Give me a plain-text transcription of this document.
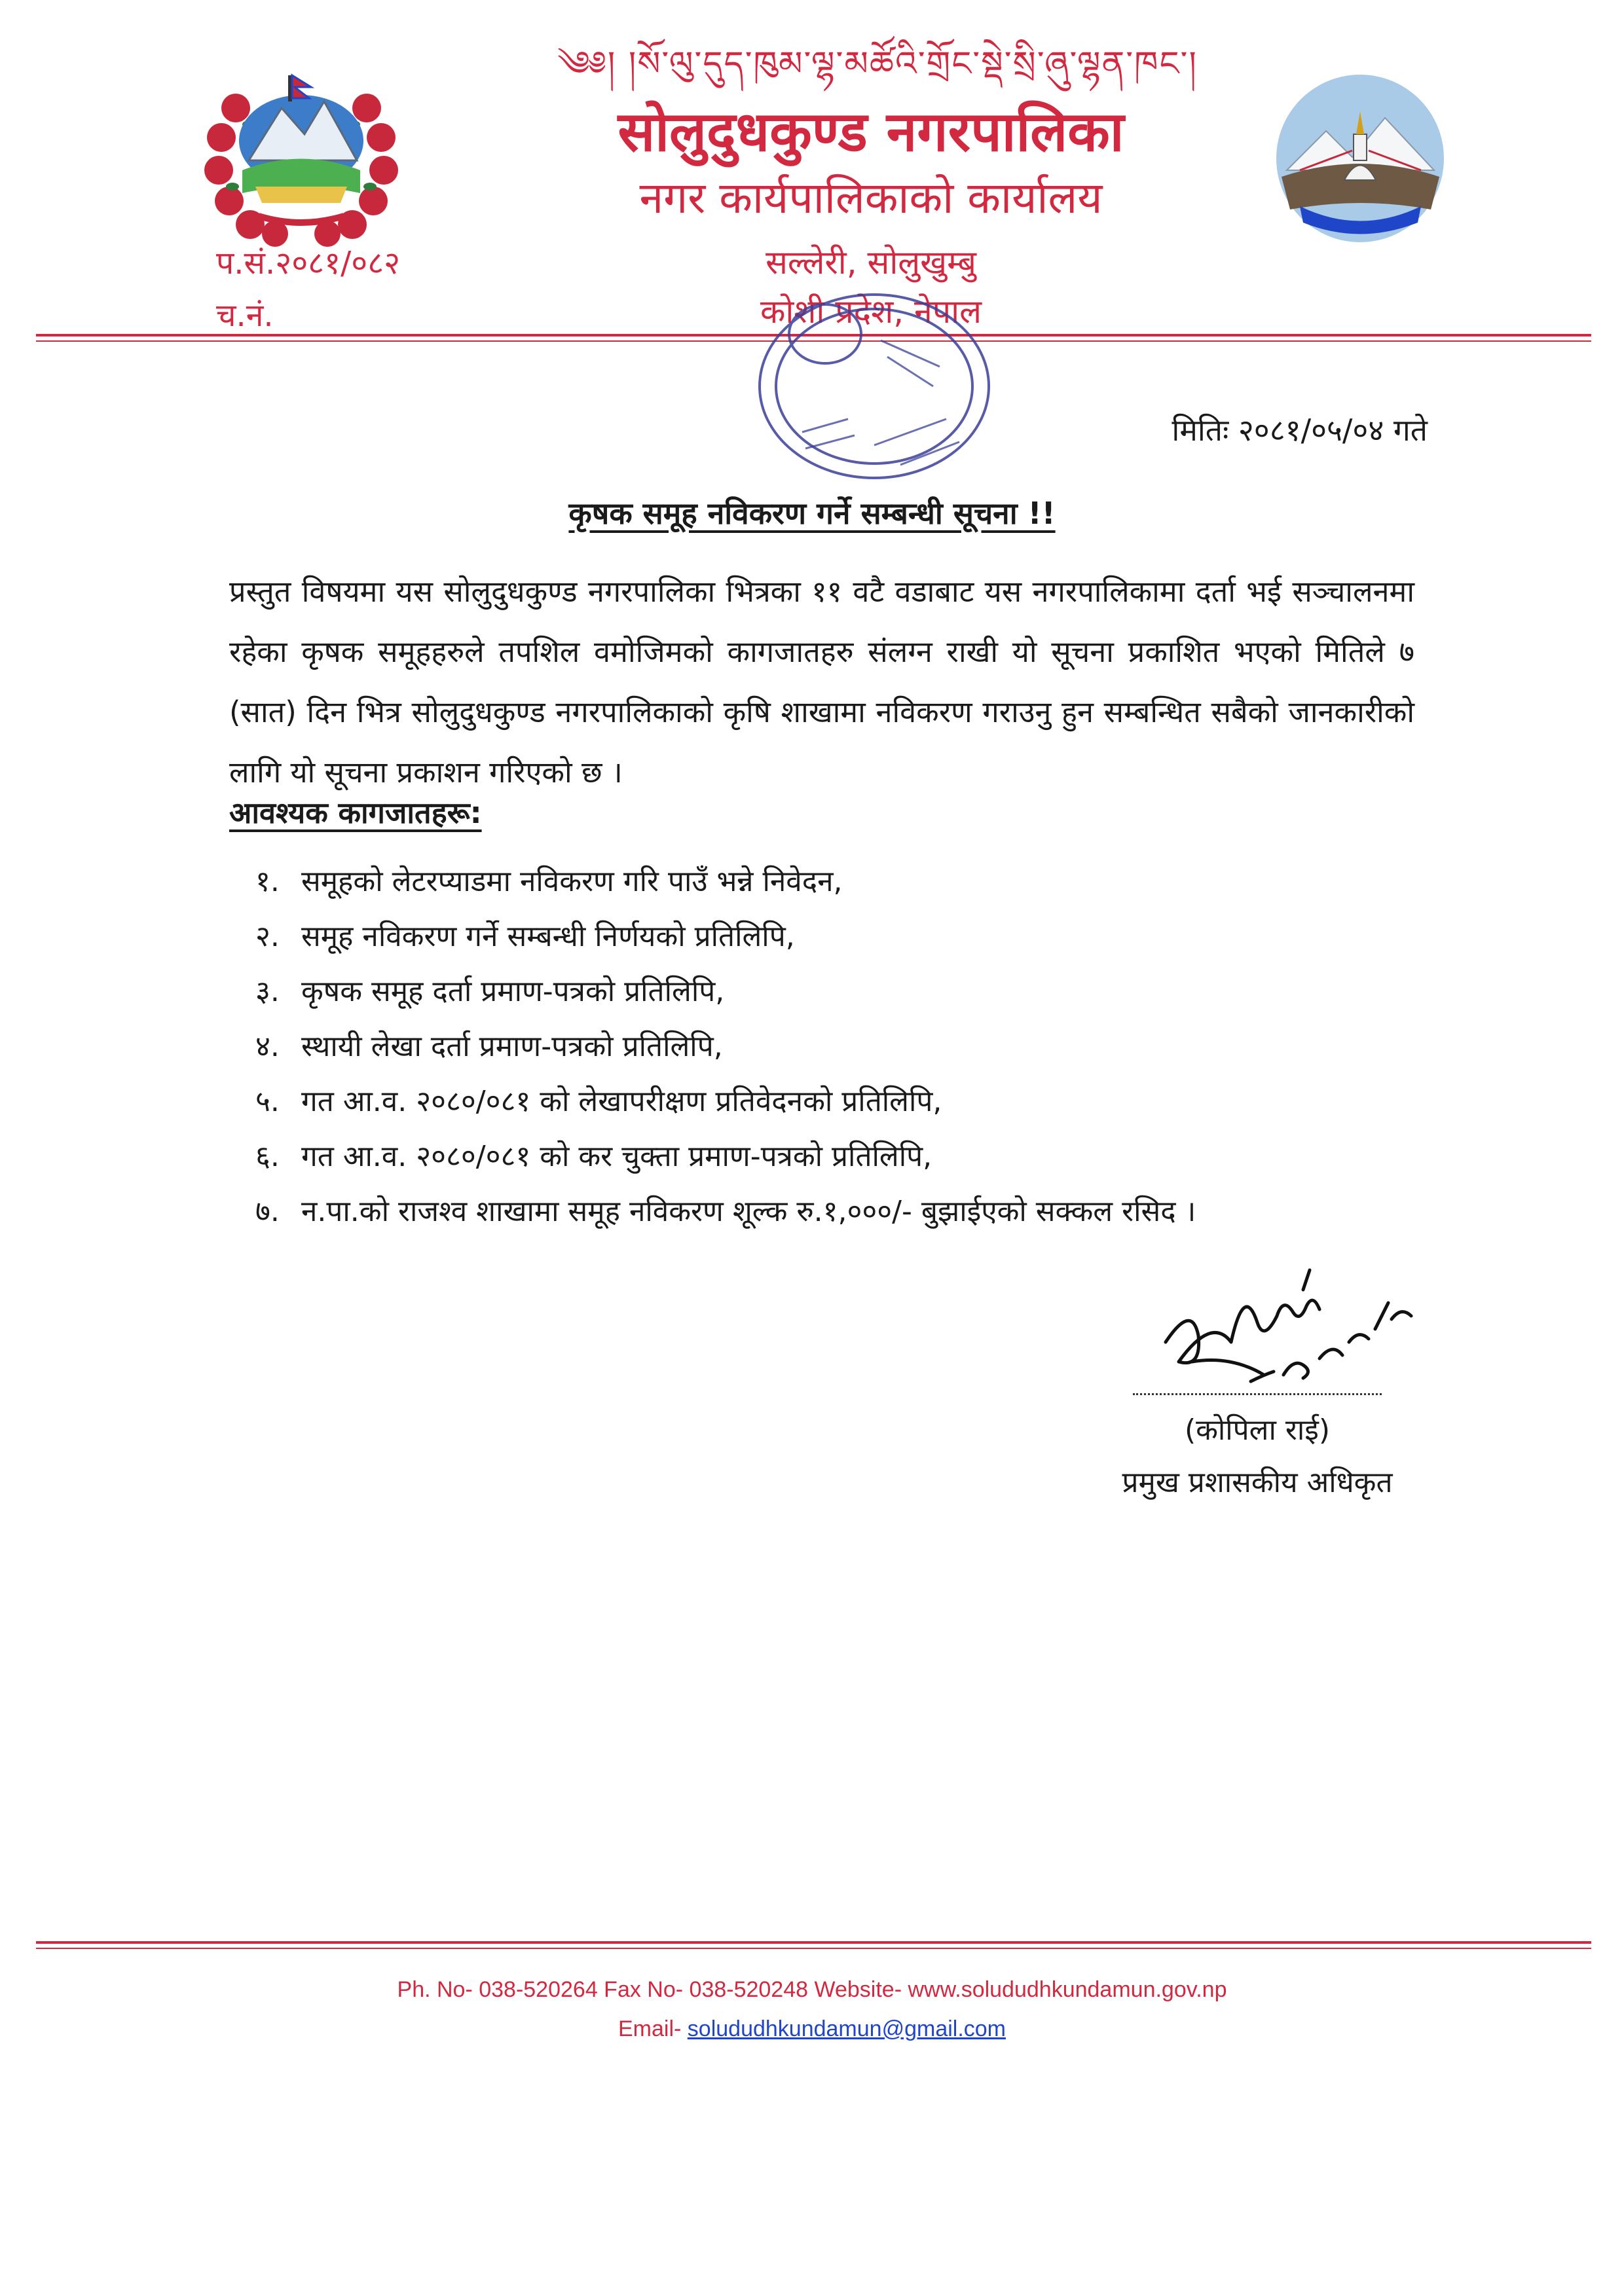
༄༅། །སོ་ལུ་དུད་ཁུམ་ལྷ་མཚོའི་གྲོང་སྡེ་སྲི་ཞུ་ལྷན་ཁང་།
सोलुदुधकुण्ड नगरपालिका
नगर कार्यपालिकाको कार्यालय
सल्लेरी, सोलुखुम्बु
कोशी प्रदेश, नेपाल
प.सं.२०८१/०८२
च.नं.
मितिः २०८१/०५/०४ गते
कृषक समूह नविकरण गर्ने सम्बन्धी सूचना !!
प्रस्तुत विषयमा यस सोलुदुधकुण्ड नगरपालिका भित्रका ११ वटै वडाबाट यस नगरपालिकामा दर्ता भई सञ्चालनमा रहेका कृषक समूहहरुले तपशिल वमोजिमको कागजातहरु संलग्न राखी यो सूचना प्रकाशित भएको मितिले ७ (सात) दिन भित्र सोलुदुधकुण्ड नगरपालिकाको कृषि शाखामा नविकरण गराउनु हुन सम्बन्धित सबैको जानकारीको लागि यो सूचना प्रकाशन गरिएको छ ।
आवश्यक कागजातहरू:
१. समूहको लेटरप्याडमा नविकरण गरि पाउँ भन्ने निवेदन,
२. समूह नविकरण गर्ने सम्बन्धी निर्णयको प्रतिलिपि,
३. कृषक समूह दर्ता प्रमाण-पत्रको प्रतिलिपि,
४. स्थायी लेखा दर्ता प्रमाण-पत्रको प्रतिलिपि,
५. गत आ.व. २०८०/०८१ को लेखापरीक्षण प्रतिवेदनको प्रतिलिपि,
६. गत आ.व. २०८०/०८१ को कर चुक्ता प्रमाण-पत्रको प्रतिलिपि,
७. न.पा.को राजश्व शाखामा समूह नविकरण शूल्क रु.१,०००/- बुझाईएको सक्कल रसिद ।
(कोपिला राई)
प्रमुख प्रशासकीय अधिकृत
Ph. No- 038-520264 Fax No- 038-520248 Website- www.solududhkundamun.gov.np
Email- solududhkundamun@gmail.com
